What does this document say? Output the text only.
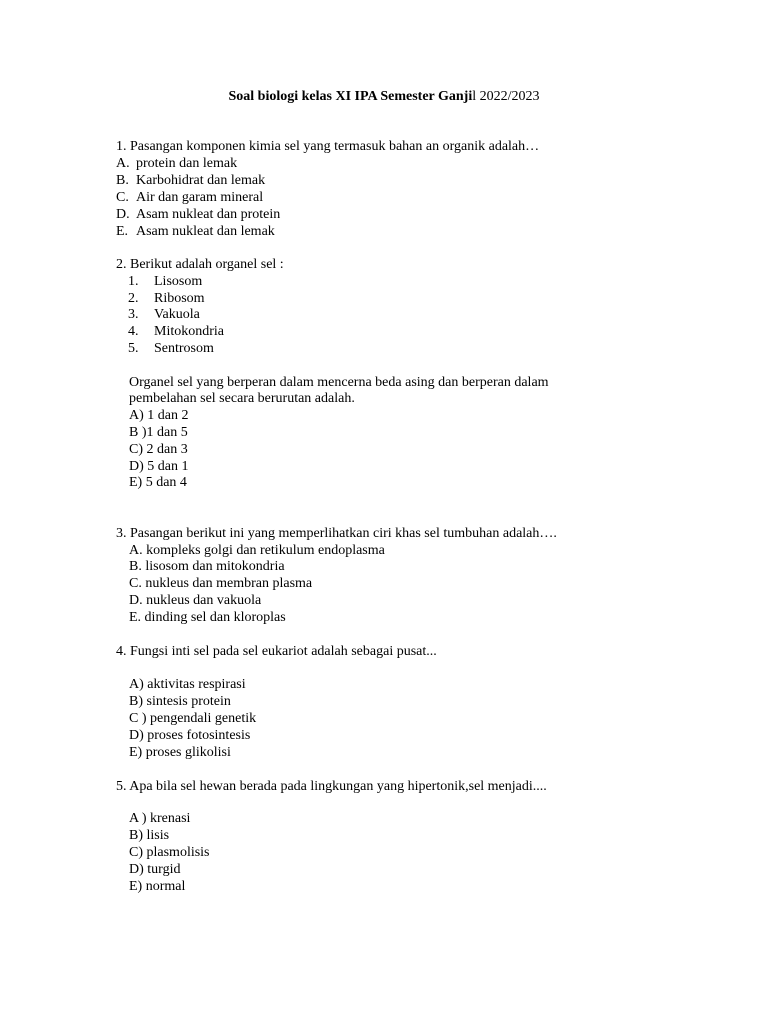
Soal biologi kelas XI IPA Semester Ganjil 2022/2023
1. Pasangan komponen kimia sel yang termasuk bahan an organik adalah…
A. protein dan lemak
B. Karbohidrat dan lemak
C. Air dan garam mineral
D. Asam nukleat dan protein
E. Asam nukleat dan lemak
2. Berikut adalah organel sel :
1. Lisosom
2. Ribosom
3. Vakuola
4. Mitokondria
5. Sentrosom
Organel sel yang berperan dalam mencerna beda asing dan berperan dalam
pembelahan sel secara berurutan adalah.
A) 1 dan 2
B )1 dan 5
C) 2 dan 3
D) 5 dan 1
E) 5 dan 4
3. Pasangan berikut ini yang memperlihatkan ciri khas sel tumbuhan adalah….
A. kompleks golgi dan retikulum endoplasma
B. lisosom dan mitokondria
C. nukleus dan membran plasma
D. nukleus dan vakuola
E. dinding sel dan kloroplas
4. Fungsi inti sel pada sel eukariot adalah sebagai pusat...
A) aktivitas respirasi
B) sintesis protein
C ) pengendali genetik
D) proses fotosintesis
E) proses glikolisi
5. Apa bila sel hewan berada pada lingkungan yang hipertonik,sel menjadi....
A ) krenasi
B) lisis
C) plasmolisis
D) turgid
E) normal
